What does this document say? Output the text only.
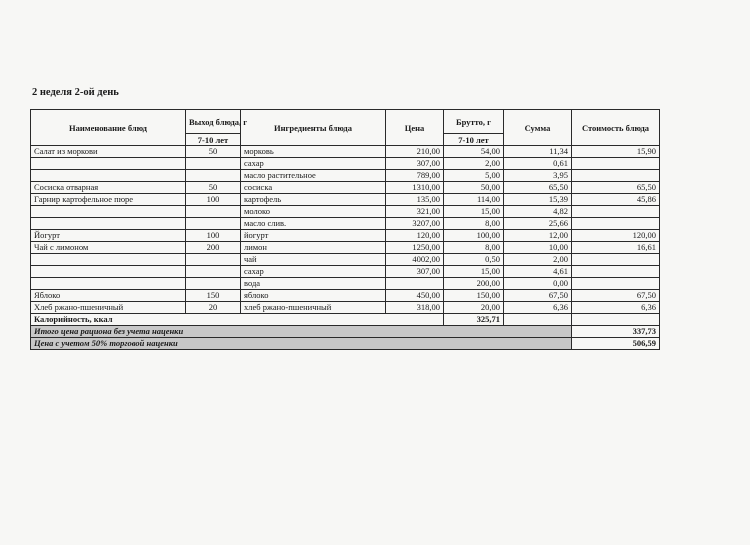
2 неделя 2-ой день
Наименование блюд	Выход блюда, г	Ингредиенты блюда	Цена	Брутто, г	Сумма	Стоимость блюда
	7-10 лет			7-10 лет		
Салат из моркови	50	морковь	210,00	54,00	11,34	15,90
		сахар	307,00	2,00	0,61	
		масло растительное	789,00	5,00	3,95	
Сосиска отварная	50	сосиска	1310,00	50,00	65,50	65,50
Гарнир картофельное пюре	100	картофель	135,00	114,00	15,39	45,86
		молоко	321,00	15,00	4,82	
		масло слив.	3207,00	8,00	25,66	
Йогурт	100	йогурт	120,00	100,00	12,00	120,00
Чай с лимоном	200	лимон	1250,00	8,00	10,00	16,61
		чай	4002,00	0,50	2,00	
		сахар	307,00	15,00	4,61	
		вода		200,00	0,00	
Яблоко	150	яблоко	450,00	150,00	67,50	67,50
Хлеб ржано-пшеничный	20	хлеб ржано-пшеничный	318,00	20,00	6,36	6,36
Калорийность, ккал				325,71		
Итого цена рациона без учета наценки						337,73
Цена с учетом 50% торговой наценки						506,59
